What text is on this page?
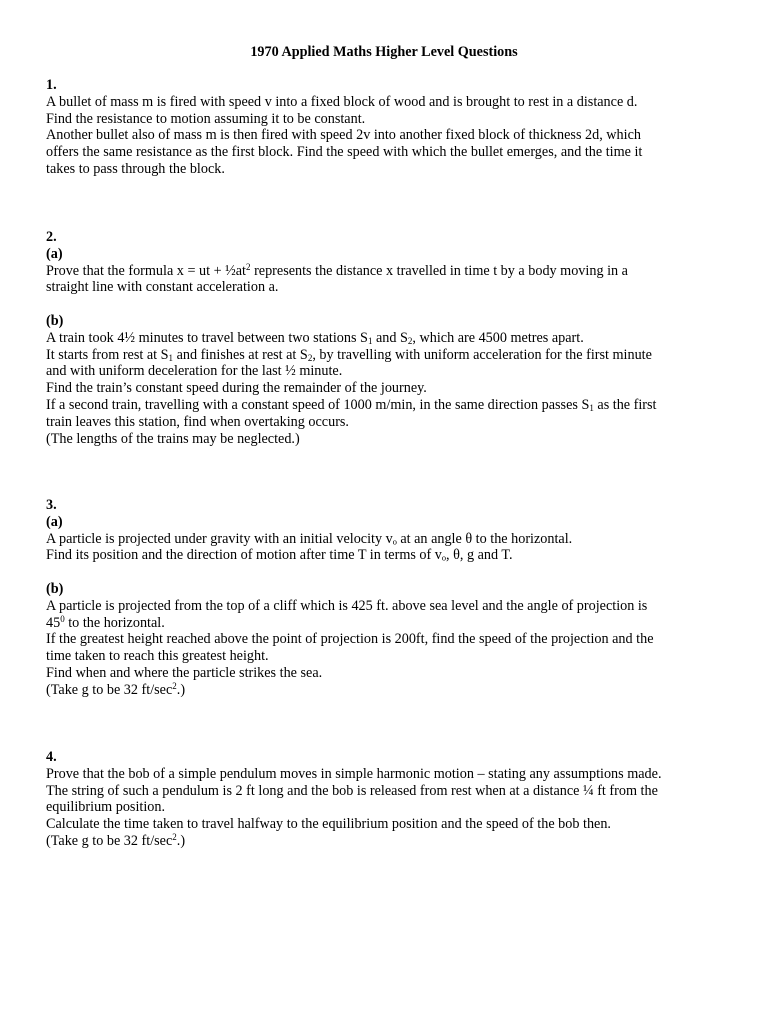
1970 Applied Maths Higher Level Questions
1.
A bullet of mass m is fired with speed v into a fixed block of wood and is brought to rest in a distance d.
Find the resistance to motion assuming it to be constant.
Another bullet also of mass m is then fired with speed 2v into another fixed block of thickness 2d, which
offers the same resistance as the first block. Find the speed with which the bullet emerges, and the time it
takes to pass through the block.
2.
(a)
Prove that the formula x = ut + $\frac{1}{2}at^2$ represents the distance x travelled in time t by a body moving in a
straight line with constant acceleration a.
(b)
A train took 4½ minutes to travel between two stations $S_1$ and $S_2$, which are 4500 metres apart.
It starts from rest at $S_1$ and finishes at rest at $S_2$, by travelling with uniform acceleration for the first minute
and with uniform deceleration for the last ½ minute.
Find the train’s constant speed during the remainder of the journey.
If a second train, travelling with a constant speed of 1000 m/min, in the same direction passes $S_1$ as the first
train leaves this station, find when overtaking occurs.
(The lengths of the trains may be neglected.)
3.
(a)
A particle is projected under gravity with an initial velocity vₒ at an angle θ to the horizontal.
Find its position and the direction of motion after time T in terms of vₒ, θ, g and T.
(b)
A particle is projected from the top of a cliff which is 425 ft. above sea level and the angle of projection is
$45^0$ to the horizontal.
If the greatest height reached above the point of projection is 200ft, find the speed of the projection and the
time taken to reach this greatest height.
Find when and where the particle strikes the sea.
(Take g to be 32 $ft/\sec^2$.)
4.
Prove that the bob of a simple pendulum moves in simple harmonic motion – stating any assumptions made.
The string of such a pendulum is 2 ft long and the bob is released from rest when at a distance ¼ ft from the
equilibrium position.
Calculate the time taken to travel halfway to the equilibrium position and the speed of the bob then.
(Take g to be 32 $ft/\sec^2$.)
